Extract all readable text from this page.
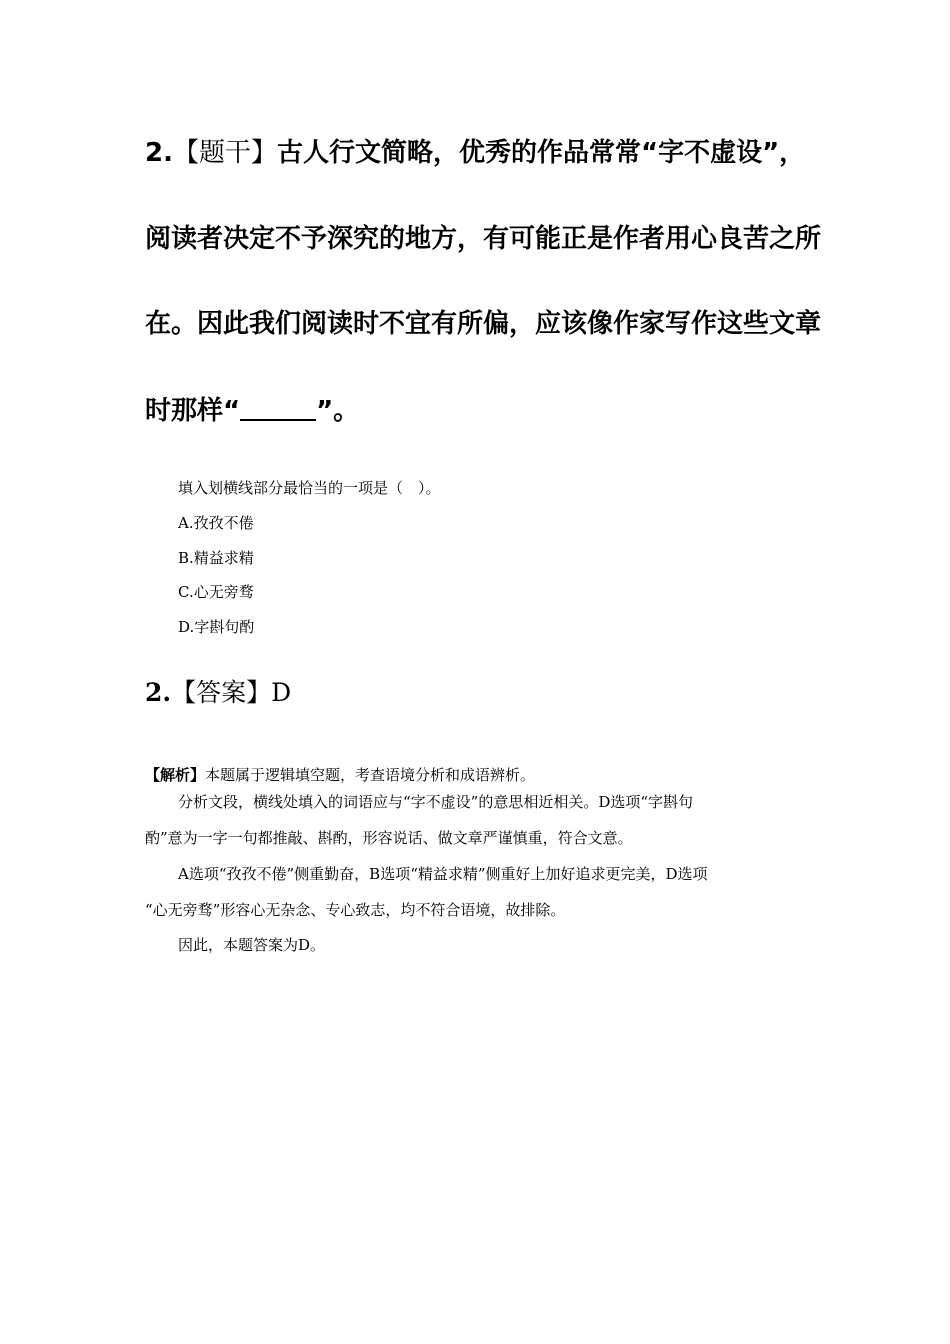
2.【题干】古人行文简略，优秀的作品常常“字不虚设”，
阅读者决定不予深究的地方，有可能正是作者用心良苦之所
在。因此我们阅读时不宜有所偏，应该像作家写作这些文章
时那样“	”。
填入划横线部分最恰当的一项是（　）。
A.孜孜不倦
B.精益求精
C.心无旁骛
D.字斟句酌
2.【答案】D
【解析】本题属于逻辑填空题，考查语境分析和成语辨析。
分析文段，横线处填入的词语应与“字不虚设”的意思相近相关。D选项“字斟句
酌”意为一字一句都推敲、斟酌，形容说话、做文章严谨慎重，符合文意。
A选项“孜孜不倦”侧重勤奋，B选项“精益求精”侧重好上加好追求更完美，D选项
“心无旁骛”形容心无杂念、专心致志，均不符合语境，故排除。
因此，本题答案为D。
